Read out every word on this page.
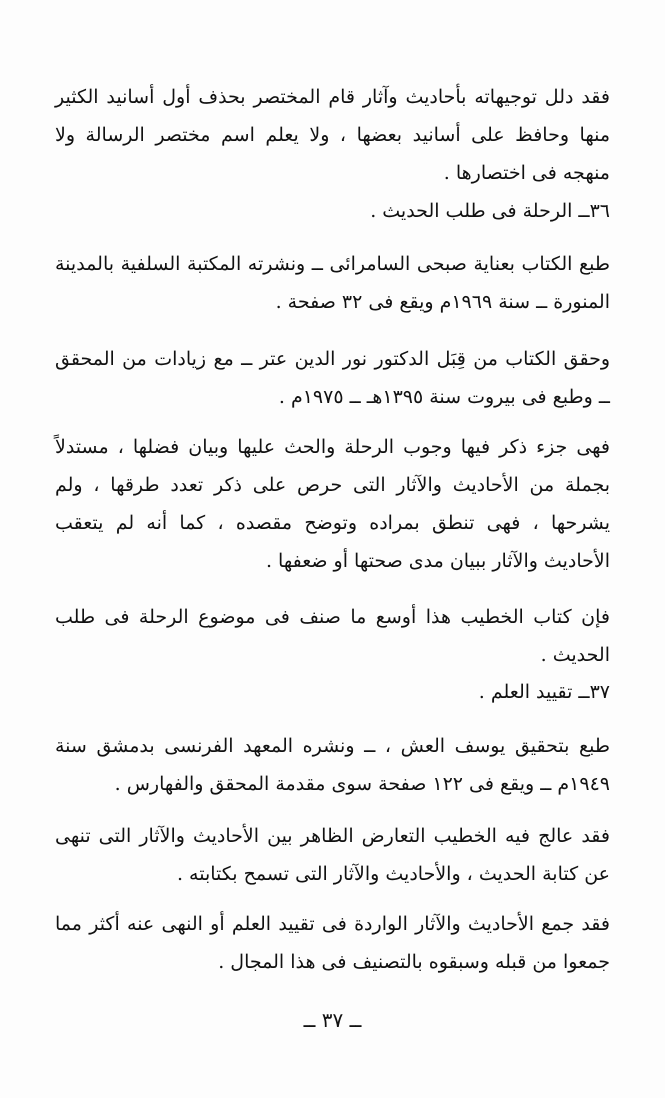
فقد دلل توجيهاته بأحاديث وآثار قام المختصر بحذف أول أسانيد الكثير منها وحافظ على أسانيد بعضها ، ولا يعلم اسم مختصر الرسالة ولا منهجه فى اختصارها .
٣٦ــ الرحلة فى طلب الحديث .
طبع الكتاب بعناية صبحى السامرائى ــ ونشرته المكتبة السلفية بالمدينة المنورة ــ سنة ١٩٦٩م ويقع فى ٣٢ صفحة .
وحقق الكتاب من قِبَل الدكتور نور الدين عتر ــ مع زيادات من المحقق ــ وطبع فى بيروت سنة ١٣٩٥هـ ــ ١٩٧٥م .
فهى جزء ذكر فيها وجوب الرحلة والحث عليها وبيان فضلها ، مستدلاً بجملة من الأحاديث والآثار التى حرص على ذكر تعدد طرقها ، ولم يشرحها ، فهى تنطق بمراده وتوضح مقصده ، كما أنه لم يتعقب الأحاديث والآثار ببيان مدى صحتها أو ضعفها .
فإن كتاب الخطيب هذا أوسع ما صنف فى موضوع الرحلة فى طلب الحديث .
٣٧ــ تقييد العلم .
طبع بتحقيق يوسف العش ، ــ ونشره المعهد الفرنسى بدمشق سنة ١٩٤٩م ــ ويقع فى ١٢٢ صفحة سوى مقدمة المحقق والفهارس .
فقد عالج فيه الخطيب التعارض الظاهر بين الأحاديث والآثار التى تنهى عن كتابة الحديث ، والأحاديث والآثار التى تسمح بكتابته .
فقد جمع الأحاديث والآثار الواردة فى تقييد العلم أو النهى عنه أكثر مما جمعوا من قبله وسبقوه بالتصنيف فى هذا المجال .
ــ ٣٧ ــ
